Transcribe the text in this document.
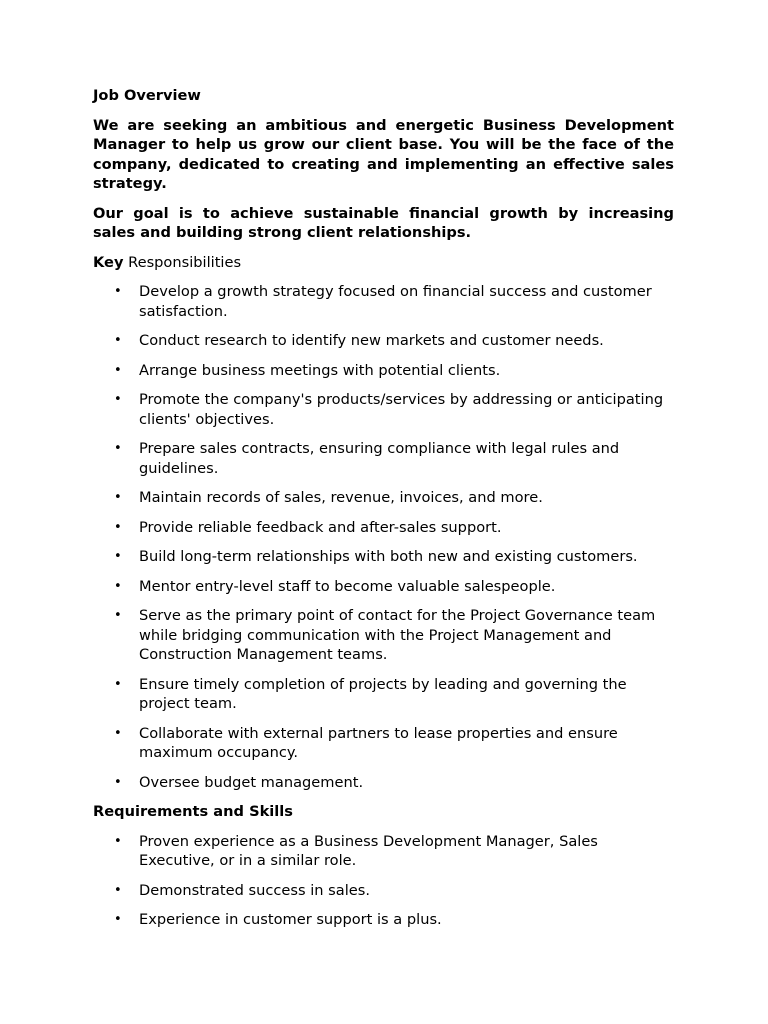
Job Overview

We are seeking an ambitious and energetic Business Development Manager to help us grow our client base. You will be the face of the company, dedicated to creating and implementing an effective sales strategy.

Our goal is to achieve sustainable financial growth by increasing sales and building strong client relationships.

Key Responsibilities

• Develop a growth strategy focused on financial success and customer satisfaction.
• Conduct research to identify new markets and customer needs.
• Arrange business meetings with potential clients.
• Promote the company's products/services by addressing or anticipating clients' objectives.
• Prepare sales contracts, ensuring compliance with legal rules and guidelines.
• Maintain records of sales, revenue, invoices, and more.
• Provide reliable feedback and after-sales support.
• Build long-term relationships with both new and existing customers.
• Mentor entry-level staff to become valuable salespeople.
• Serve as the primary point of contact for the Project Governance team while bridging communication with the Project Management and Construction Management teams.
• Ensure timely completion of projects by leading and governing the project team.
• Collaborate with external partners to lease properties and ensure maximum occupancy.
• Oversee budget management.

Requirements and Skills

• Proven experience as a Business Development Manager, Sales Executive, or in a similar role.
• Demonstrated success in sales.
• Experience in customer support is a plus.
